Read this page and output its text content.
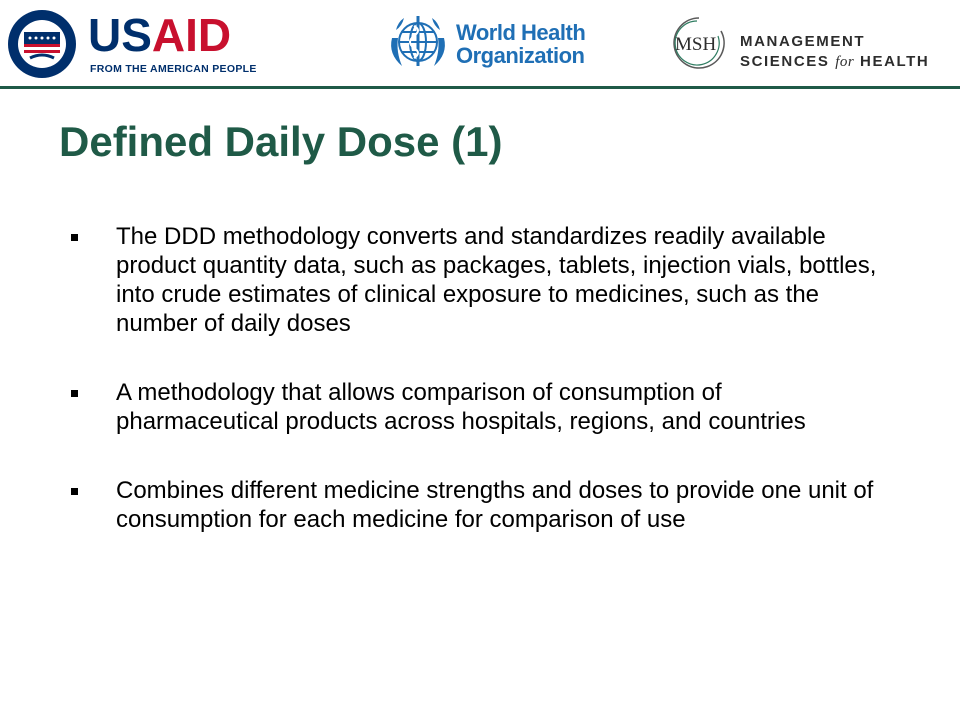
USAID
FROM THE AMERICAN PEOPLE
World Health
Organization	MSH MANAGEMENT
SCIENCES for HEALTH
Defined Daily Dose (1)
The DDD methodology converts and standardizes readily available product quantity data, such as packages, tablets, injection vials, bottles, into crude estimates of clinical exposure to medicines, such as the number of daily doses
A methodology that allows comparison of consumption of pharmaceutical products across hospitals, regions, and countries
Combines different medicine strengths and doses to provide one unit of consumption for each medicine for comparison of use
